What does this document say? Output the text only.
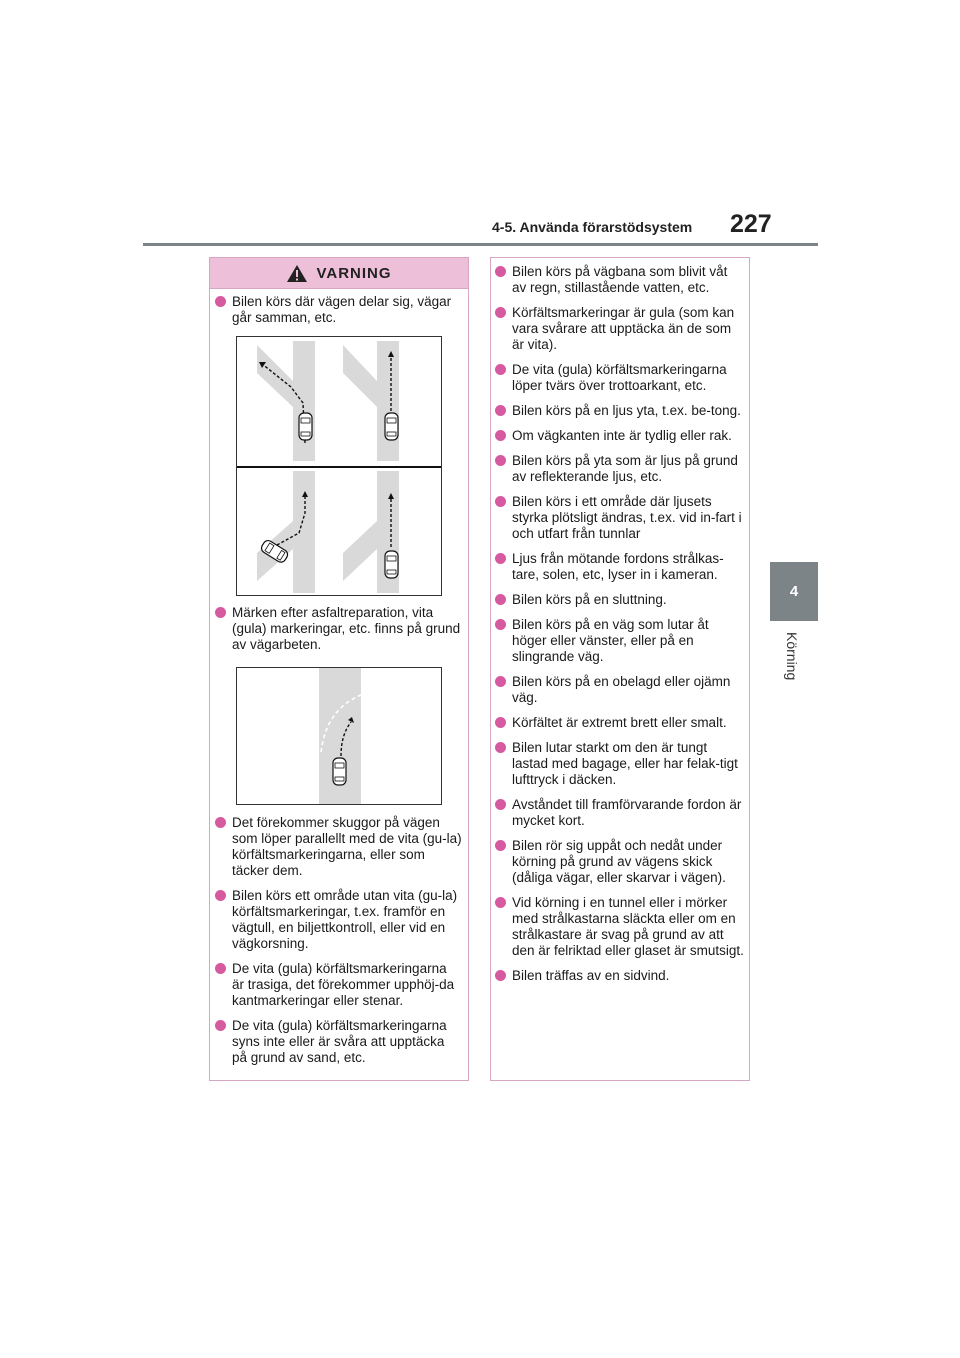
4-5. Använda förarstödsystem 227
4
Körning
VARNING
Bilen körs där vägen delar sig, vägar går samman, etc.
Märken efter asfaltreparation, vita (gula) markeringar, etc. finns på grund av vägarbeten.
Det förekommer skuggor på vägen som löper parallellt med de vita (gu-la) körfältsmarkeringarna, eller som täcker dem.
Bilen körs ett område utan vita (gu-la) körfältsmarkeringar, t.ex. framför en vägtull, en biljettkontroll, eller vid en vägkorsning.
De vita (gula) körfältsmarkeringarna är trasiga, det förekommer upphöj-da kantmarkeringar eller stenar.
De vita (gula) körfältsmarkeringarna syns inte eller är svåra att upptäcka på grund av sand, etc.
Bilen körs på vägbana som blivit våt av regn, stillastående vatten, etc.
Körfältsmarkeringar är gula (som kan vara svårare att upptäcka än de som är vita).
De vita (gula) körfältsmarkeringarna löper tvärs över trottoarkant, etc.
Bilen körs på en ljus yta, t.ex. be-tong.
Om vägkanten inte är tydlig eller rak.
Bilen körs på yta som är ljus på grund av reflekterande ljus, etc.
Bilen körs i ett område där ljusets styrka plötsligt ändras, t.ex. vid in-fart i och utfart från tunnlar
Ljus från mötande fordons strålkas-tare, solen, etc, lyser in i kameran.
Bilen körs på en sluttning.
Bilen körs på en väg som lutar åt höger eller vänster, eller på en slingrande väg.
Bilen körs på en obelagd eller ojämn väg.
Körfältet är extremt brett eller smalt.
Bilen lutar starkt om den är tungt lastad med bagage, eller har felak-tigt lufttryck i däcken.
Avståndet till framförvarande fordon är mycket kort.
Bilen rör sig uppåt och nedåt under körning på grund av vägens skick (dåliga vägar, eller skarvar i vägen).
Vid körning i en tunnel eller i mörker med strålkastarna släckta eller om en strålkastare är svag på grund av att den är felriktad eller glaset är smutsigt.
Bilen träffas av en sidvind.
